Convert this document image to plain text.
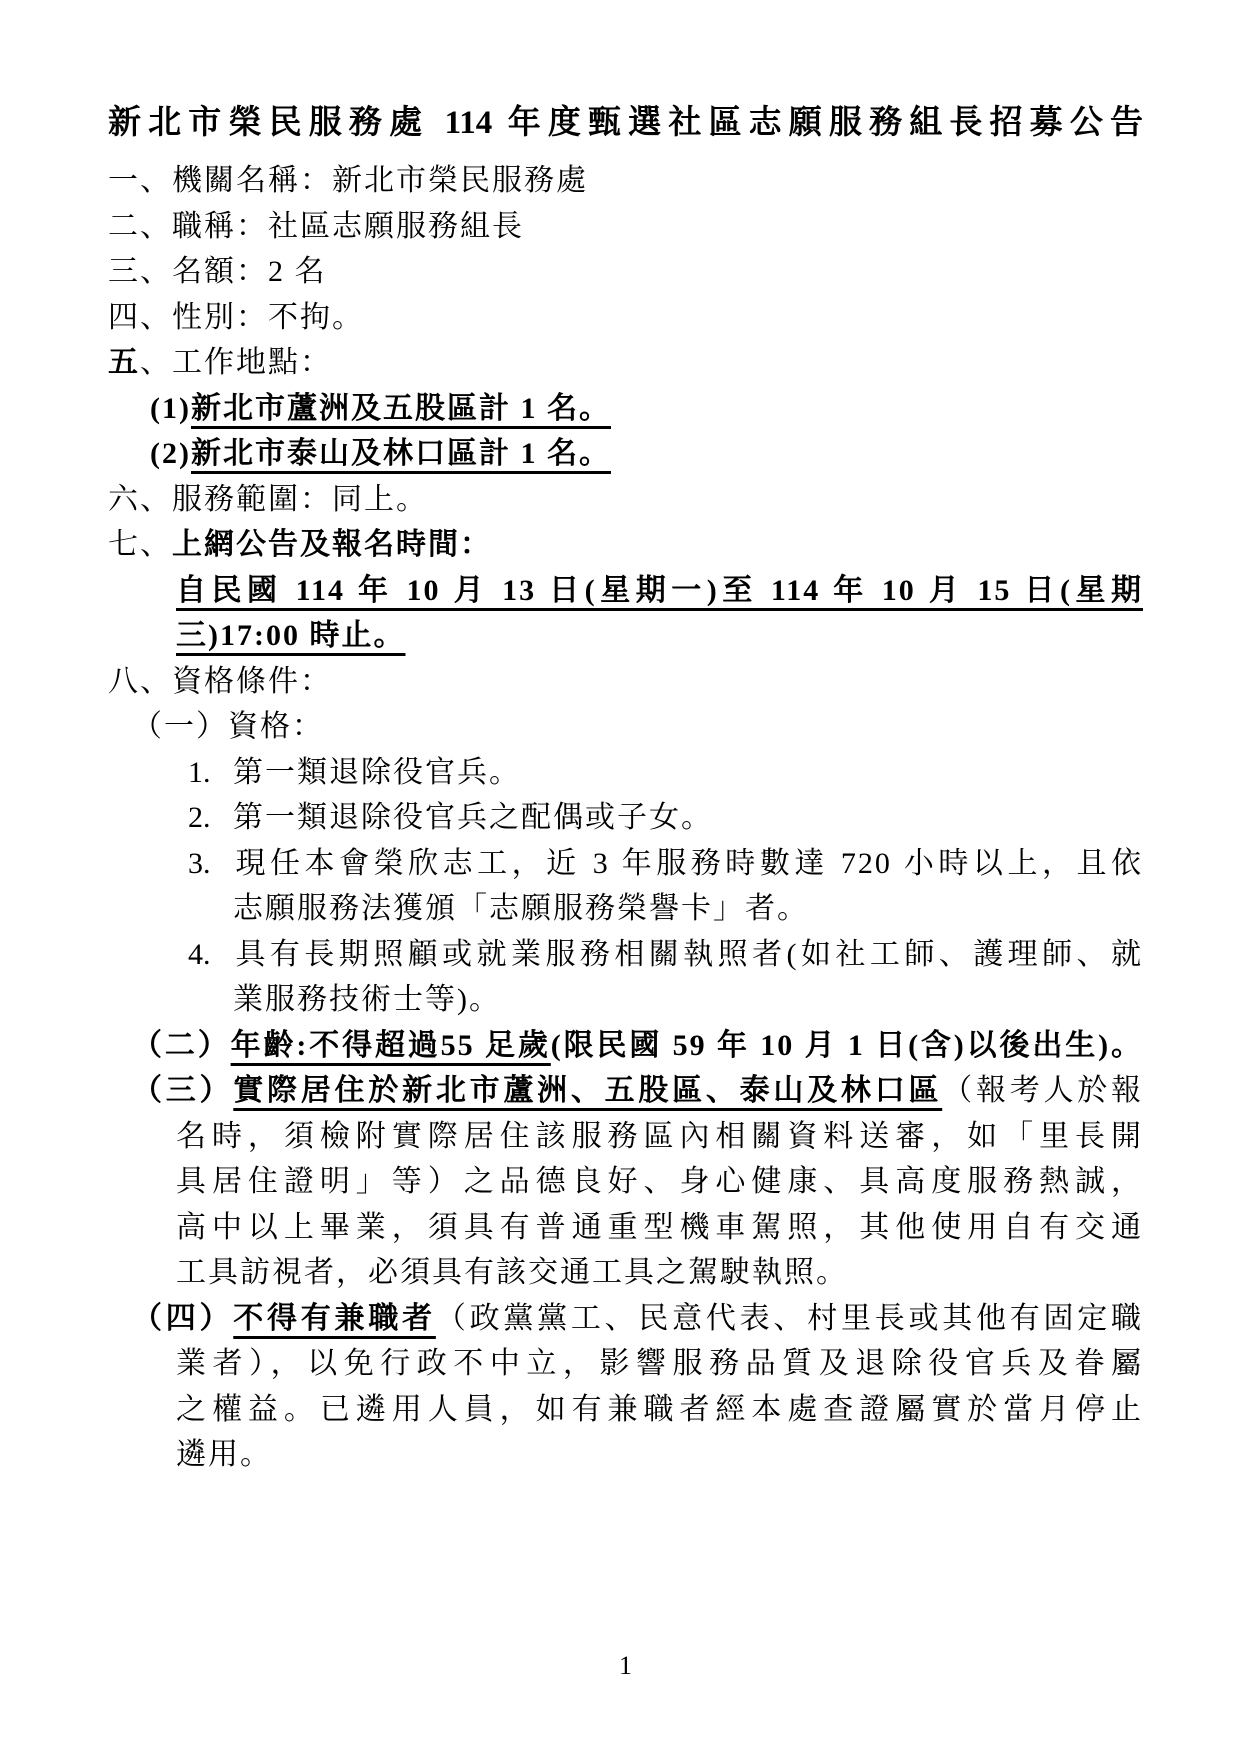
新北市榮民服務處 114 年度甄選社區志願服務組長招募公告
一、機關名稱：新北市榮民服務處
二、職稱：社區志願服務組長
三、名額：2 名
四、性別：不拘。
五、工作地點：
(1)新北市蘆洲及五股區計 1 名。
(2)新北市泰山及林口區計 1 名。
六、服務範圍：同上。
七、上網公告及報名時間：
自民國 114 年 10 月 13 日(星期一)至 114 年 10 月 15 日(星期
三)17:00 時止。
八、資格條件：
（一）資格：
1. 第一類退除役官兵。
2. 第一類退除役官兵之配偶或子女。
3. 現任本會榮欣志工，近 3 年服務時數達 720 小時以上，且依
志願服務法獲頒「志願服務榮譽卡」者。
4. 具有長期照顧或就業服務相關執照者(如社工師、護理師、就
業服務技術士等)。
（二）年齡:不得超過55 足歲(限民國 59 年 10 月 1 日(含)以後出生)。
（三）實際居住於新北市蘆洲、五股區、泰山及林口區（報考人於報
名時，須檢附實際居住該服務區內相關資料送審，如「里長開
具居住證明」等）之品德良好、身心健康、具高度服務熱誠，
高中以上畢業，須具有普通重型機車駕照，其他使用自有交通
工具訪視者，必須具有該交通工具之駕駛執照。
（四）不得有兼職者（政黨黨工、民意代表、村里長或其他有固定職
業者），以免行政不中立，影響服務品質及退除役官兵及眷屬
之權益。已遴用人員，如有兼職者經本處查證屬實於當月停止
遴用。
1
